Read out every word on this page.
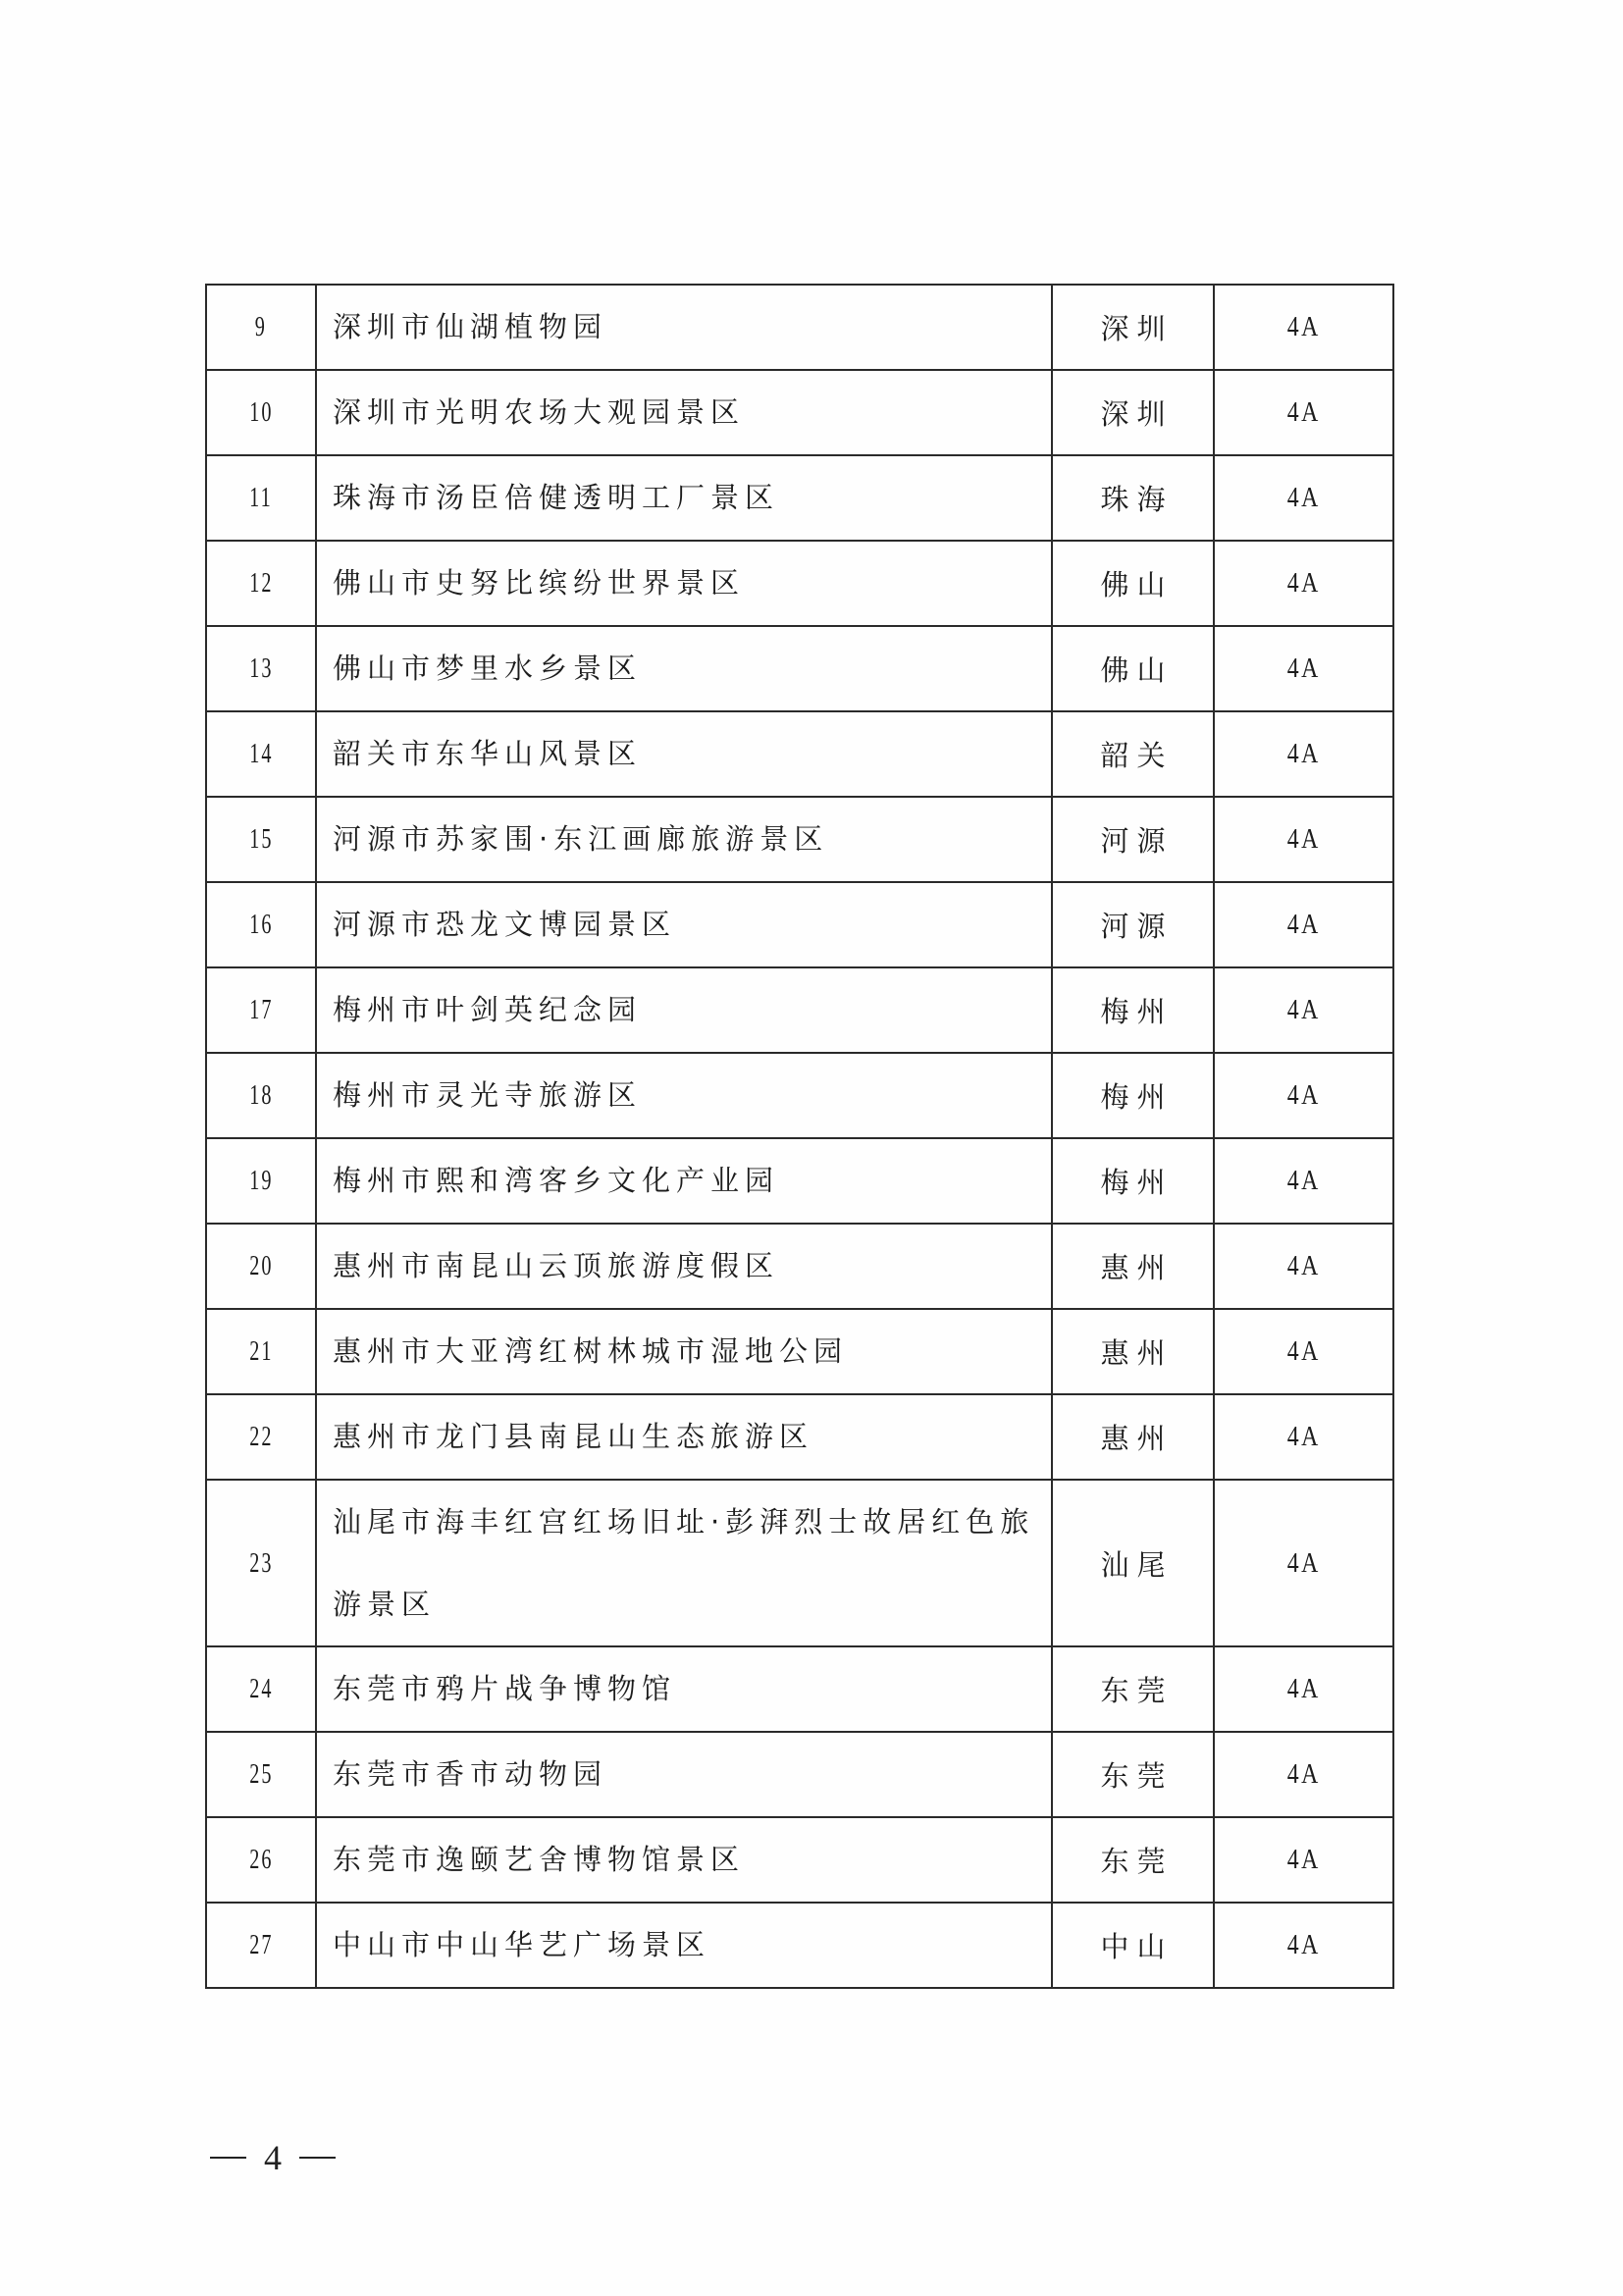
9	深圳市仙湖植物园	深圳	4A
10	深圳市光明农场大观园景区	深圳	4A
11	珠海市汤臣倍健透明工厂景区	珠海	4A
12	佛山市史努比缤纷世界景区	佛山	4A
13	佛山市梦里水乡景区	佛山	4A
14	韶关市东华山风景区	韶关	4A
15	河源市苏家围·东江画廊旅游景区	河源	4A
16	河源市恐龙文博园景区	河源	4A
17	梅州市叶剑英纪念园	梅州	4A
18	梅州市灵光寺旅游区	梅州	4A
19	梅州市熙和湾客乡文化产业园	梅州	4A
20	惠州市南昆山云顶旅游度假区	惠州	4A
21	惠州市大亚湾红树林城市湿地公园	惠州	4A
22	惠州市龙门县南昆山生态旅游区	惠州	4A
23	汕尾市海丰红宫红场旧址·彭湃烈士故居红色旅
游景区	汕尾	4A
24	东莞市鸦片战争博物馆	东莞	4A
25	东莞市香市动物园	东莞	4A
26	东莞市逸颐艺舍博物馆景区	东莞	4A
27	中山市中山华艺广场景区	中山	4A
4
